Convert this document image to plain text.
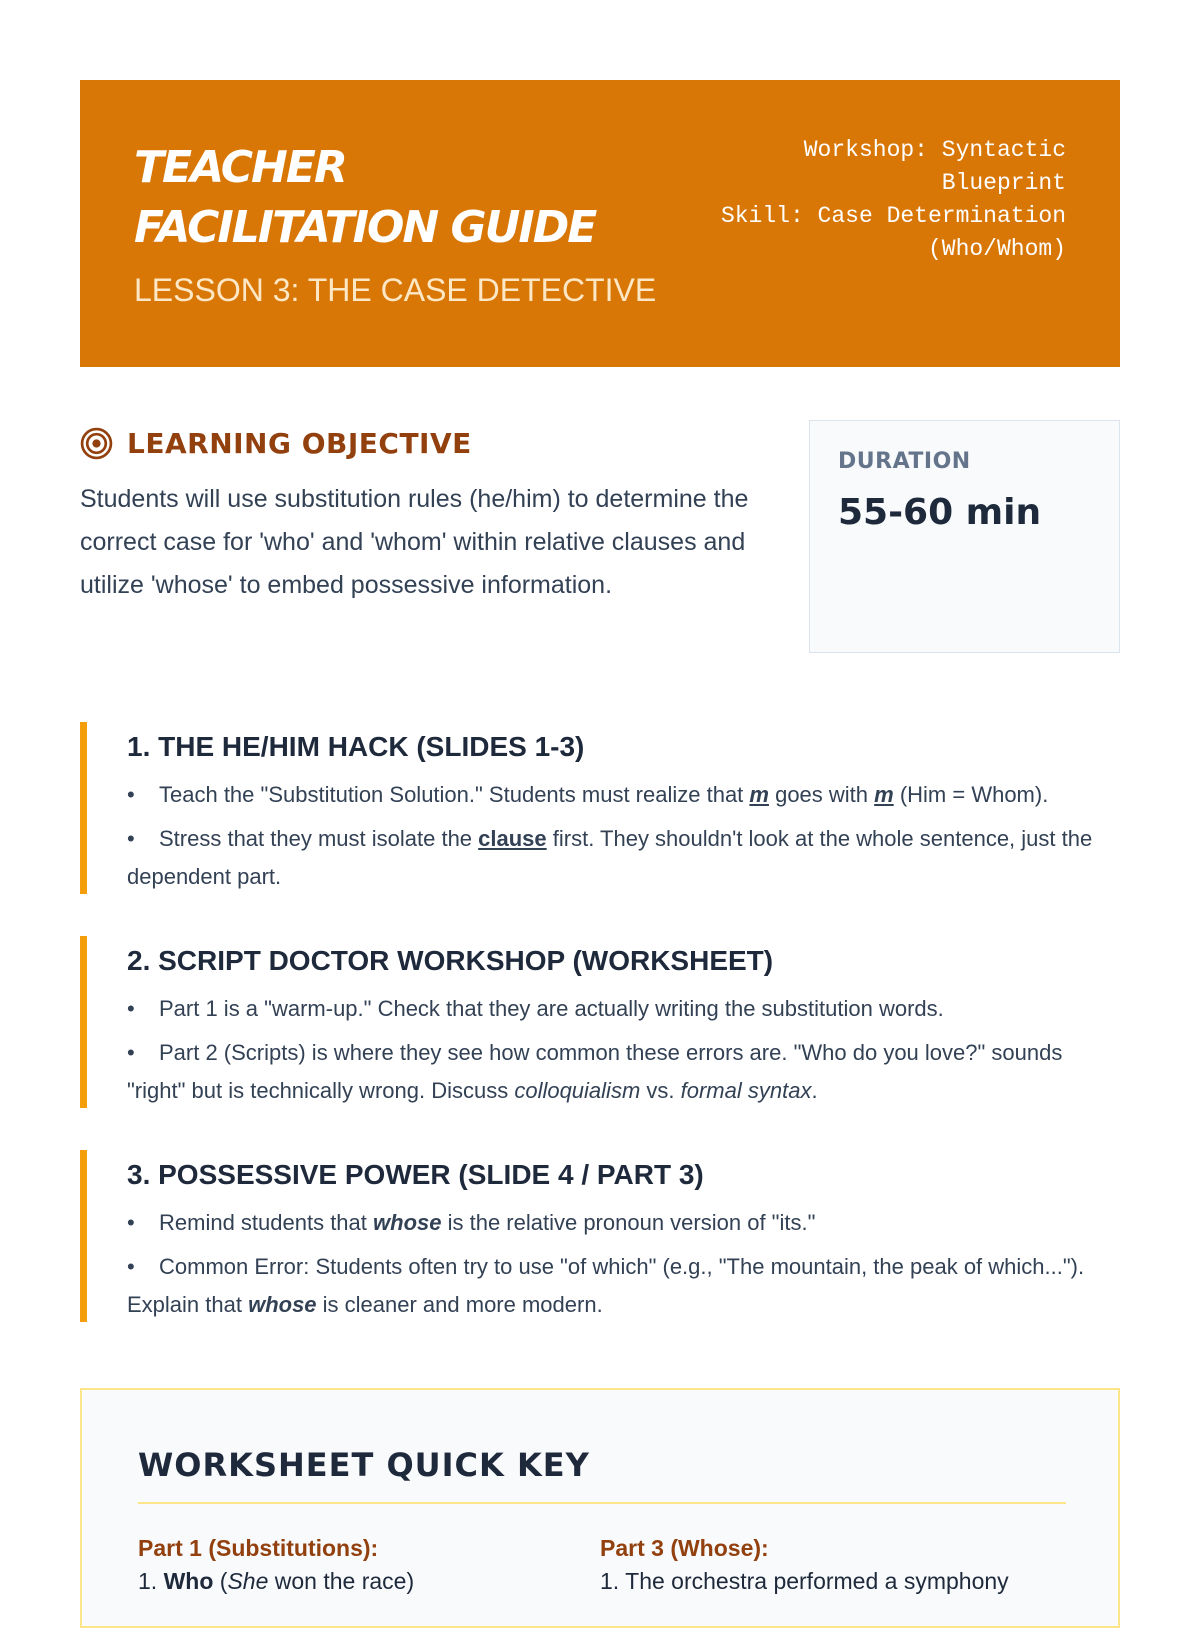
TEACHER
FACILITATION GUIDE
LESSON 3: THE CASE DETECTIVE
Workshop: Syntactic Blueprint
Skill: Case Determination (Who/Whom)
LEARNING OBJECTIVE
Students will use substitution rules (he/him) to determine the correct case for 'who' and 'whom' within relative clauses and utilize 'whose' to embed possessive information.
DURATION
55-60 min
1. THE HE/HIM HACK (SLIDES 1-3)
• Teach the "Substitution Solution." Students must realize that m goes with m (Him = Whom).
• Stress that they must isolate the clause first. They shouldn't look at the whole sentence, just the dependent part.
2. SCRIPT DOCTOR WORKSHOP (WORKSHEET)
• Part 1 is a "warm-up." Check that they are actually writing the substitution words.
• Part 2 (Scripts) is where they see how common these errors are. "Who do you love?" sounds "right" but is technically wrong. Discuss colloquialism vs. formal syntax.
3. POSSESSIVE POWER (SLIDE 4 / PART 3)
• Remind students that whose is the relative pronoun version of "its."
• Common Error: Students often try to use "of which" (e.g., "The mountain, the peak of which..."). Explain that whose is cleaner and more modern.
WORKSHEET QUICK KEY
Part 1 (Substitutions):
1. Who (She won the race)
Part 3 (Whose):
1. The orchestra performed a symphony
